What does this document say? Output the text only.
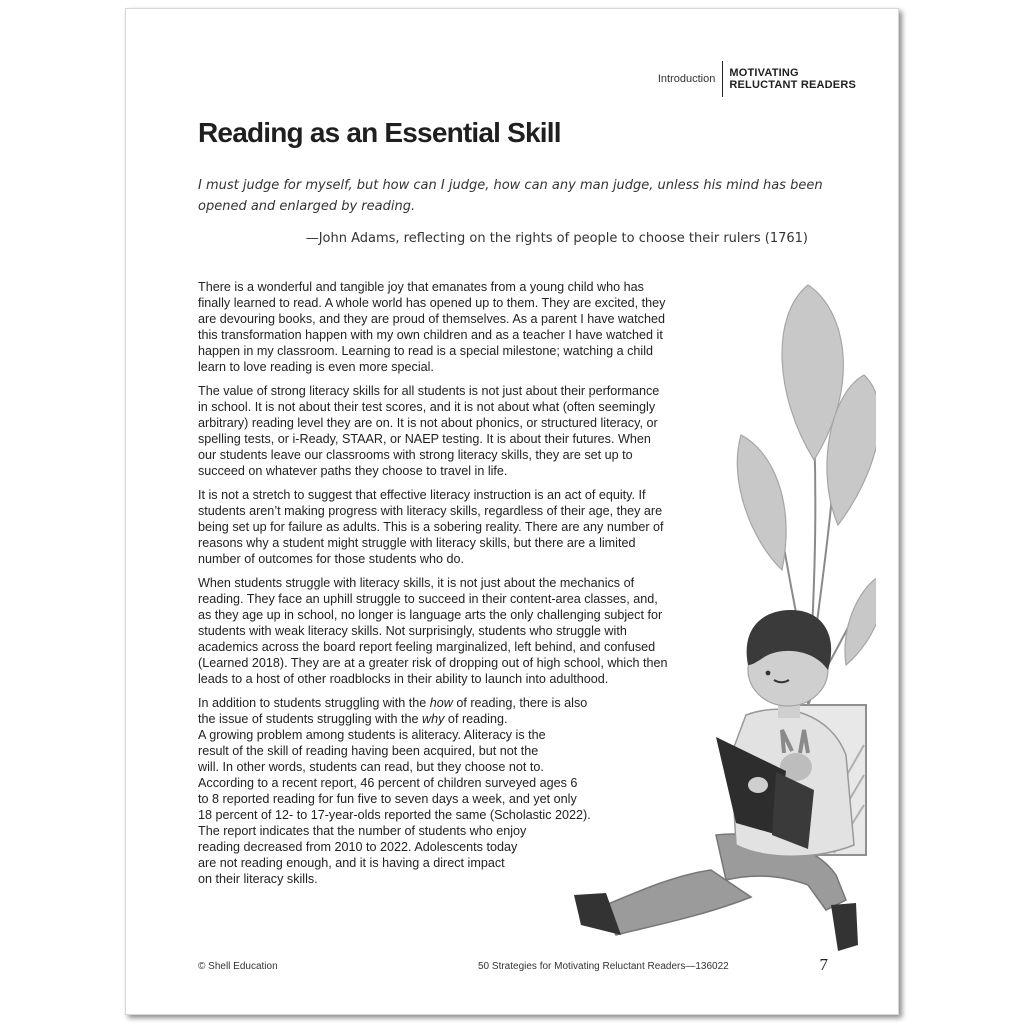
Introduction	MOTIVATING
RELUCTANT READERS
Reading as an Essential Skill

I must judge for myself, but how can I judge, how can any man judge, unless his mind has been opened and enlarged by reading.

—John Adams, reflecting on the rights of people to choose their rulers (1761)

There is a wonderful and tangible joy that emanates from a young child who has finally learned to read. A whole world has opened up to them. They are excited, they are devouring books, and they are proud of themselves. As a parent I have watched this transformation happen with my own children and as a teacher I have watched it happen in my classroom. Learning to read is a special milestone; watching a child learn to love reading is even more special.

The value of strong literacy skills for all students is not just about their performance in school. It is not about their test scores, and it is not about what (often seemingly arbitrary) reading level they are on. It is not about phonics, or structured literacy, or spelling tests, or i-Ready, STAAR, or NAEP testing. It is about their futures. When our students leave our classrooms with strong literacy skills, they are set up to succeed on whatever paths they choose to travel in life.

It is not a stretch to suggest that effective literacy instruction is an act of equity. If students aren’t making progress with literacy skills, regardless of their age, they are being set up for failure as adults. This is a sobering reality. There are any number of reasons why a student might struggle with literacy skills, but there are a limited number of outcomes for those students who do.

When students struggle with literacy skills, it is not just about the mechanics of reading. They face an uphill struggle to succeed in their content-area classes, and, as they age up in school, no longer is language arts the only challenging subject for students with weak literacy skills. Not surprisingly, students who struggle with academics across the board report feeling marginalized, left behind, and confused (Learned 2018). They are at a greater risk of dropping out of high school, which then leads to a host of other roadblocks in their ability to launch into adulthood.

In addition to students struggling with the how of reading, there is also the issue of students struggling with the why of reading.
A growing problem among students is aliteracy. Aliteracy is the
result of the skill of reading having been acquired, but not the
will. In other words, students can read, but they choose not to.
According to a recent report, 46 percent of children surveyed ages 6
to 8 reported reading for fun five to seven days a week, and yet only
18 percent of 12- to 17-year-olds reported the same (Scholastic 2022).
The report indicates that the number of students who enjoy
reading decreased from 2010 to 2022. Adolescents today
are not reading enough, and it is having a direct impact
on their literacy skills.

© Shell Education	50 Strategies for Motivating Reluctant Readers—136022	7
